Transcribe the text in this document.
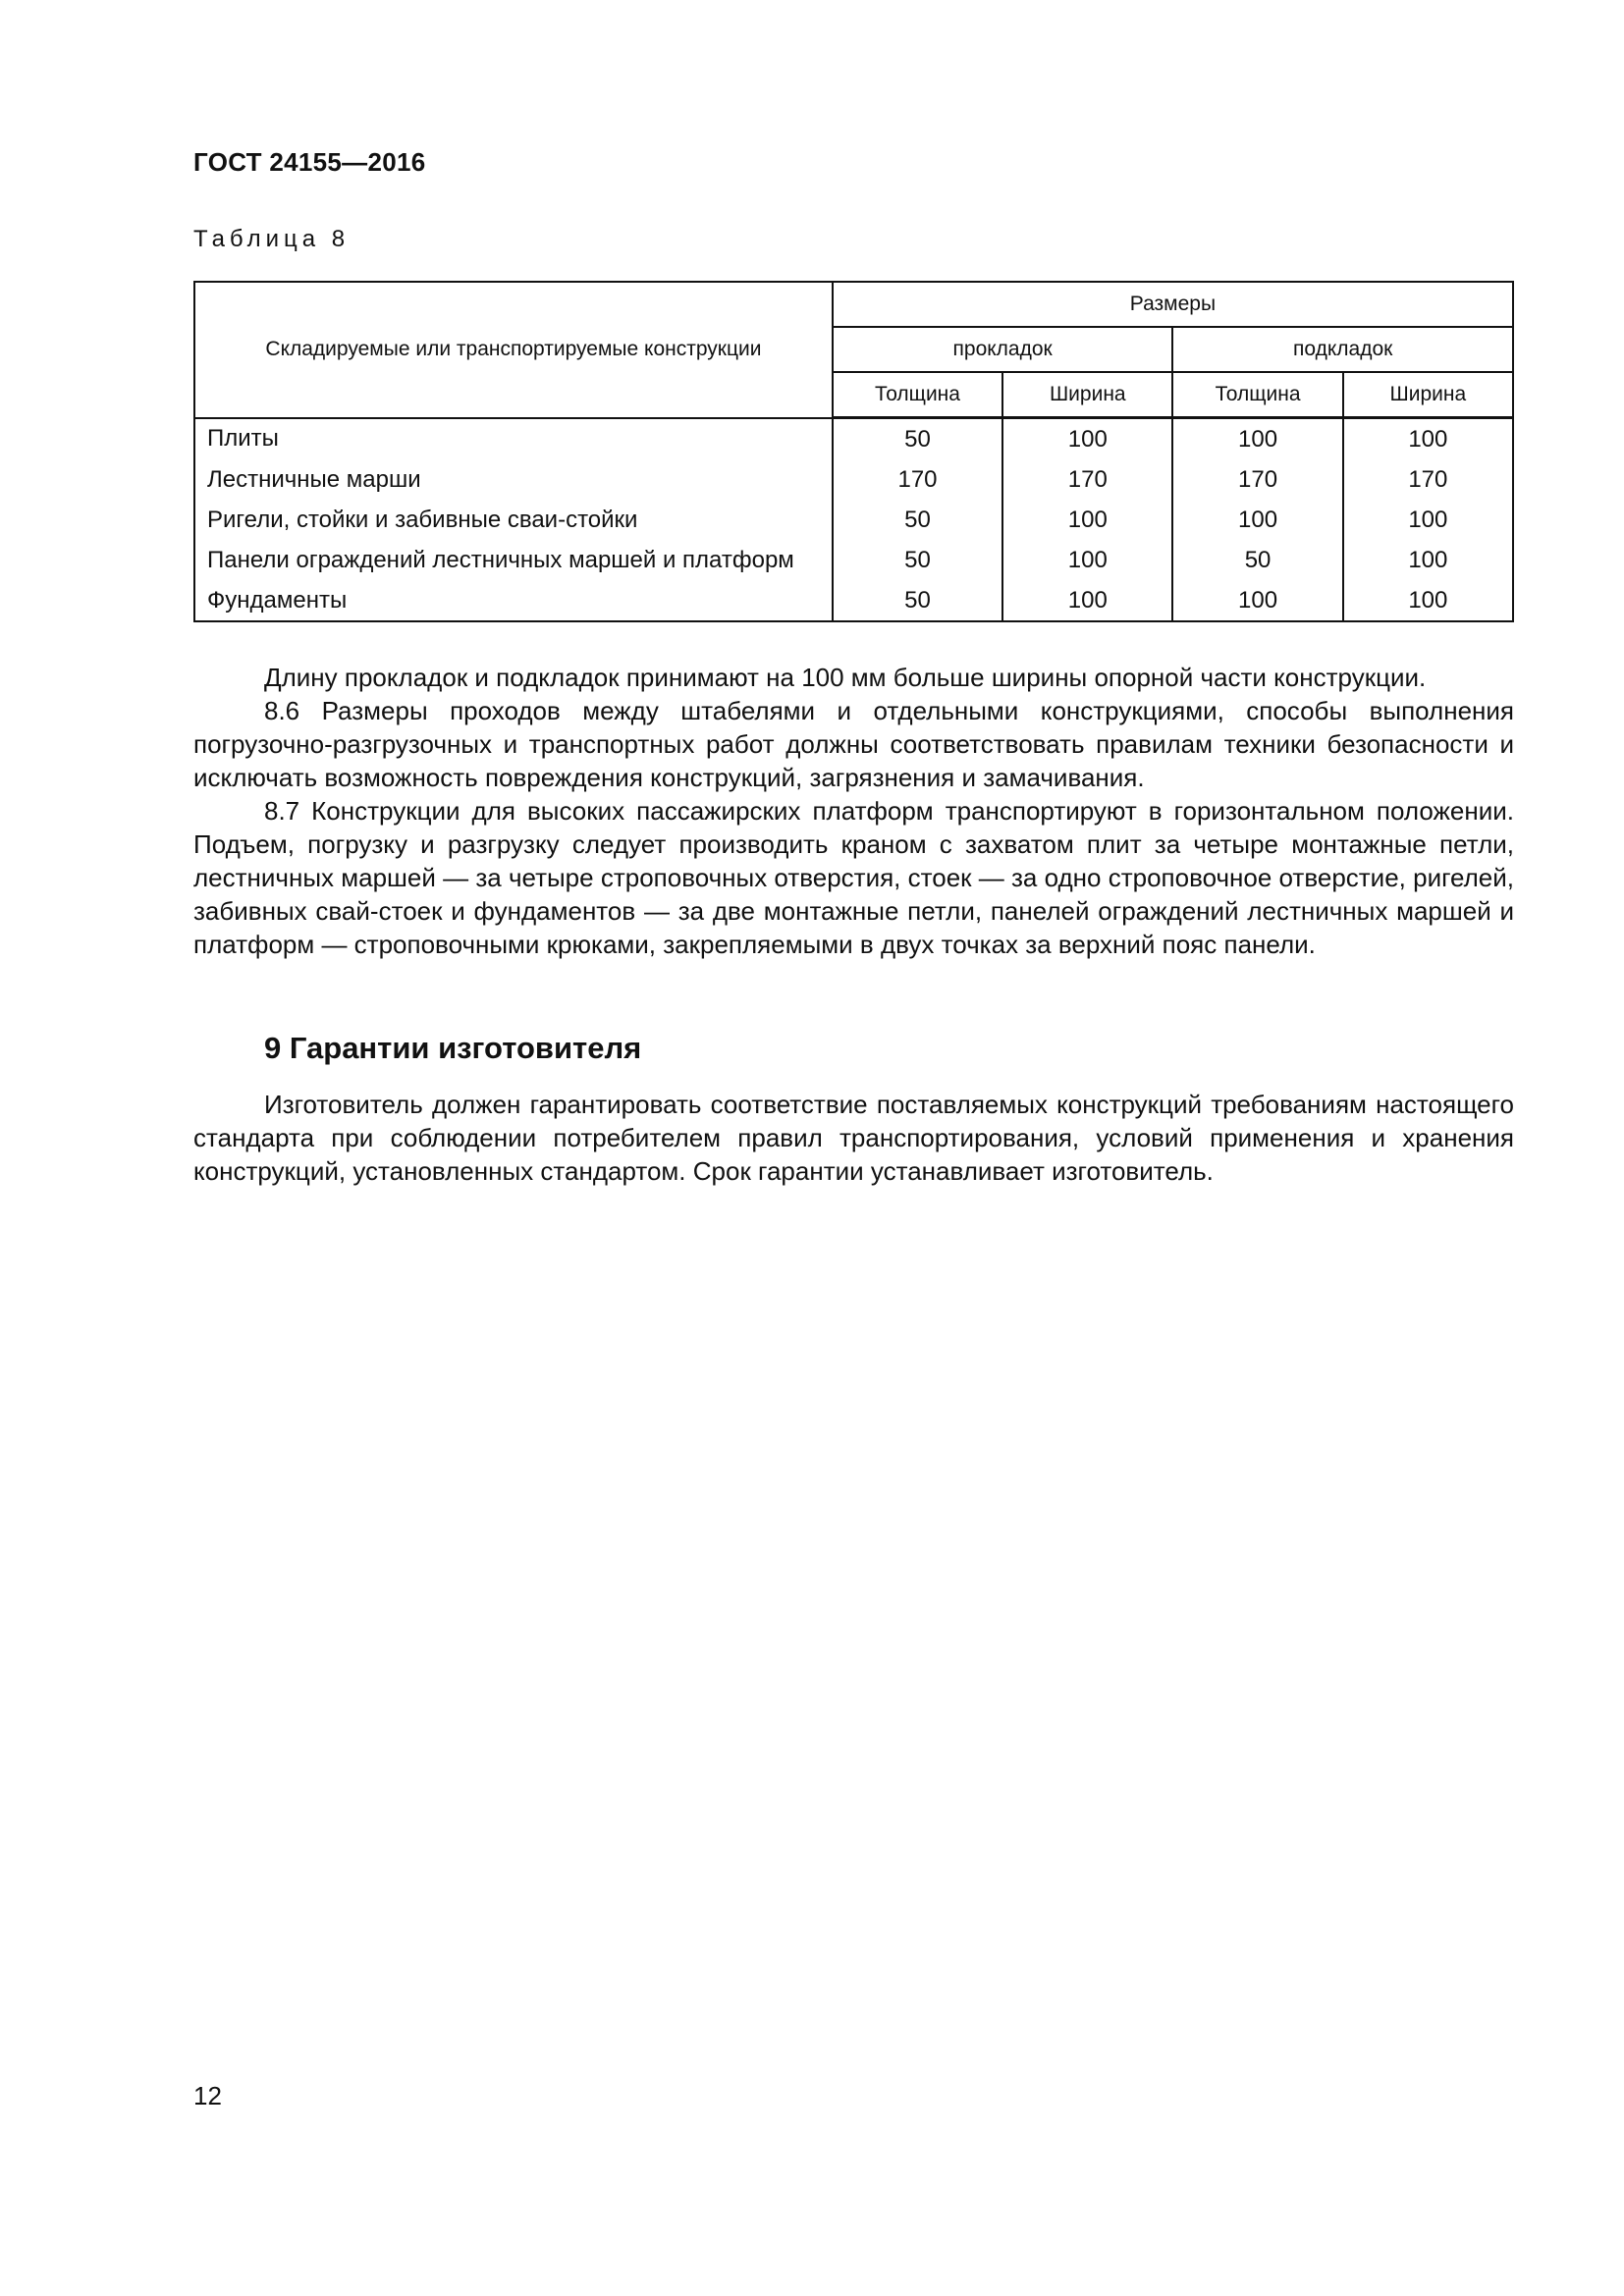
ГОСТ 24155—2016
Таблица 8
Складируемые или транспортируемые конструкции	Размеры			
	прокладок		подкладок	
	Толщина	Ширина	Толщина	Ширина
Плиты	50	100	100	100
Лестничные марши	170	170	170	170
Ригели, стойки и забивные сваи-стойки	50	100	100	100
Панели ограждений лестничных маршей и платформ	50	100	50	100
Фундаменты	50	100	100	100

Длину прокладок и подкладок принимают на 100 мм больше ширины опорной части конструкции.

8.6 Размеры проходов между штабелями и отдельными конструкциями, способы выполнения погрузочно-разгрузочных и транспортных работ должны соответствовать правилам техники безопасности и исключать возможность повреждения конструкций, загрязнения и замачивания.

8.7 Конструкции для высоких пассажирских платформ транспортируют в горизонтальном положении. Подъем, погрузку и разгрузку следует производить краном с захватом плит за четыре монтажные петли, лестничных маршей — за четыре строповочных отверстия, стоек — за одно строповочное отверстие, ригелей, забивных свай-стоек и фундаментов — за две монтажные петли, панелей ограждений лестничных маршей и платформ — строповочными крюками, закрепляемыми в двух точках за верхний пояс панели.

9 Гарантии изготовителя

Изготовитель должен гарантировать соответствие поставляемых конструкций требованиям настоящего стандарта при соблюдении потребителем правил транспортирования, условий применения и хранения конструкций, установленных стандартом. Срок гарантии устанавливает изготовитель.

12
